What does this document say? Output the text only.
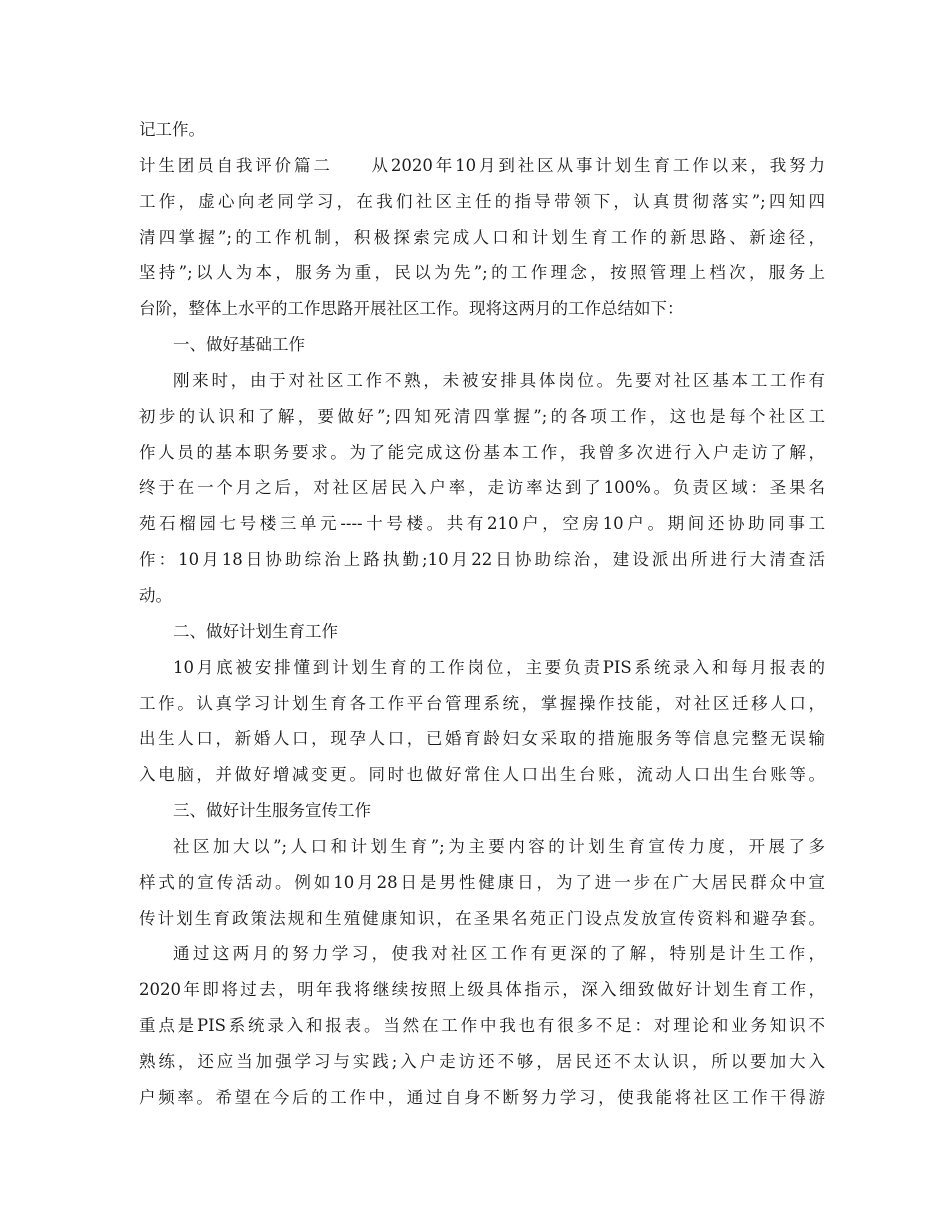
记工作。
计生团员自我评价篇二　　从2020年10月到社区从事计划生育工作以来，我努力
工作，虚心向老同学习，在我们社区主任的指导带领下，认真贯彻落实”;四知四
清四掌握”;的工作机制，积极探索完成人口和计划生育工作的新思路、新途径，
坚持”;以人为本，服务为重，民以为先”;的工作理念，按照管理上档次，服务上
台阶，整体上水平的工作思路开展社区工作。现将这两月的工作总结如下：
一、做好基础工作
刚来时，由于对社区工作不熟，未被安排具体岗位。先要对社区基本工工作有
初步的认识和了解，要做好”;四知死清四掌握”;的各项工作，这也是每个社区工
作人员的基本职务要求。为了能完成这份基本工作，我曾多次进行入户走访了解，
终于在一个月之后，对社区居民入户率，走访率达到了100%。负责区域：圣果名
苑石榴园七号楼三单元----十号楼。共有210户，空房10户。期间还协助同事工
作：10月18日协助综治上路执勤;10月22日协助综治，建设派出所进行大清查活
动。
二、做好计划生育工作
10月底被安排懂到计划生育的工作岗位，主要负责PIS系统录入和每月报表的
工作。认真学习计划生育各工作平台管理系统，掌握操作技能，对社区迁移人口，
出生人口，新婚人口，现孕人口，已婚育龄妇女采取的措施服务等信息完整无误输
入电脑，并做好增减变更。同时也做好常住人口出生台账，流动人口出生台账等。
三、做好计生服务宣传工作
社区加大以”;人口和计划生育”;为主要内容的计划生育宣传力度，开展了多
样式的宣传活动。例如10月28日是男性健康日，为了进一步在广大居民群众中宣
传计划生育政策法规和生殖健康知识，在圣果名苑正门设点发放宣传资料和避孕套。
通过这两月的努力学习，使我对社区工作有更深的了解，特别是计生工作，
2020年即将过去，明年我将继续按照上级具体指示，深入细致做好计划生育工作，
重点是PIS系统录入和报表。当然在工作中我也有很多不足：对理论和业务知识不
熟练，还应当加强学习与实践;入户走访还不够，居民还不太认识，所以要加大入
户频率。希望在今后的工作中，通过自身不断努力学习，使我能将社区工作干得游
